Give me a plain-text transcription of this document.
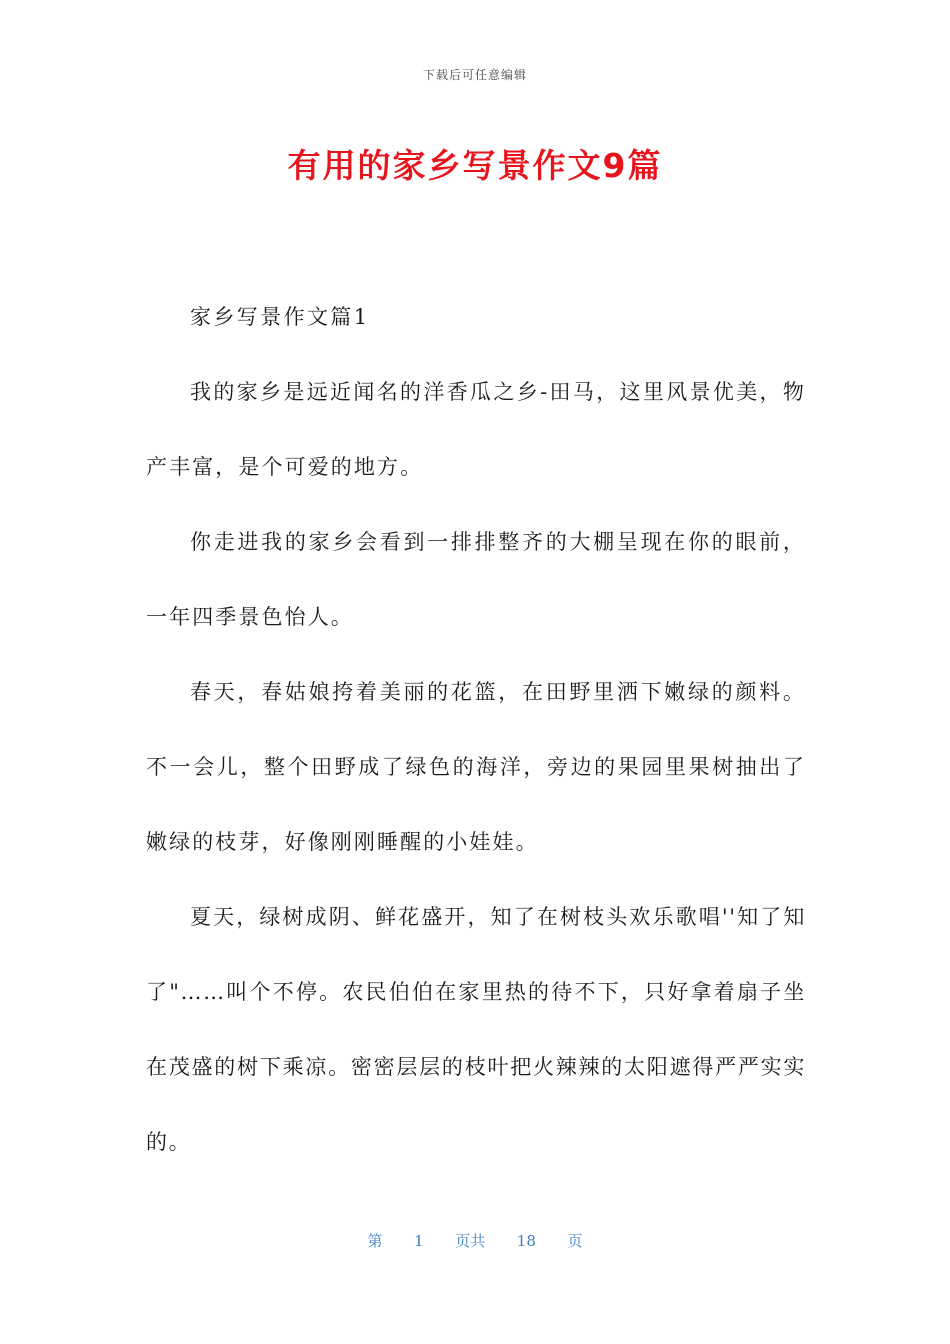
下载后可任意编辑
有用的家乡写景作文9篇

家乡写景作文篇1

我的家乡是远近闻名的洋香瓜之乡-田马，这里风景优美，物产丰富，是个可爱的地方。

你走进我的家乡会看到一排排整齐的大棚呈现在你的眼前，一年四季景色怡人。

春天，春姑娘挎着美丽的花篮，在田野里洒下嫩绿的颜料。不一会儿，整个田野成了绿色的海洋，旁边的果园里果树抽出了嫩绿的枝芽，好像刚刚睡醒的小娃娃。

夏天，绿树成阴、鲜花盛开，知了在树枝头欢乐歌唱''知了知了"……叫个不停。农民伯伯在家里热的待不下，只好拿着扇子坐在茂盛的树下乘凉。密密层层的枝叶把火辣辣的太阳遮得严严实实的。

第 1 页共 18 页
